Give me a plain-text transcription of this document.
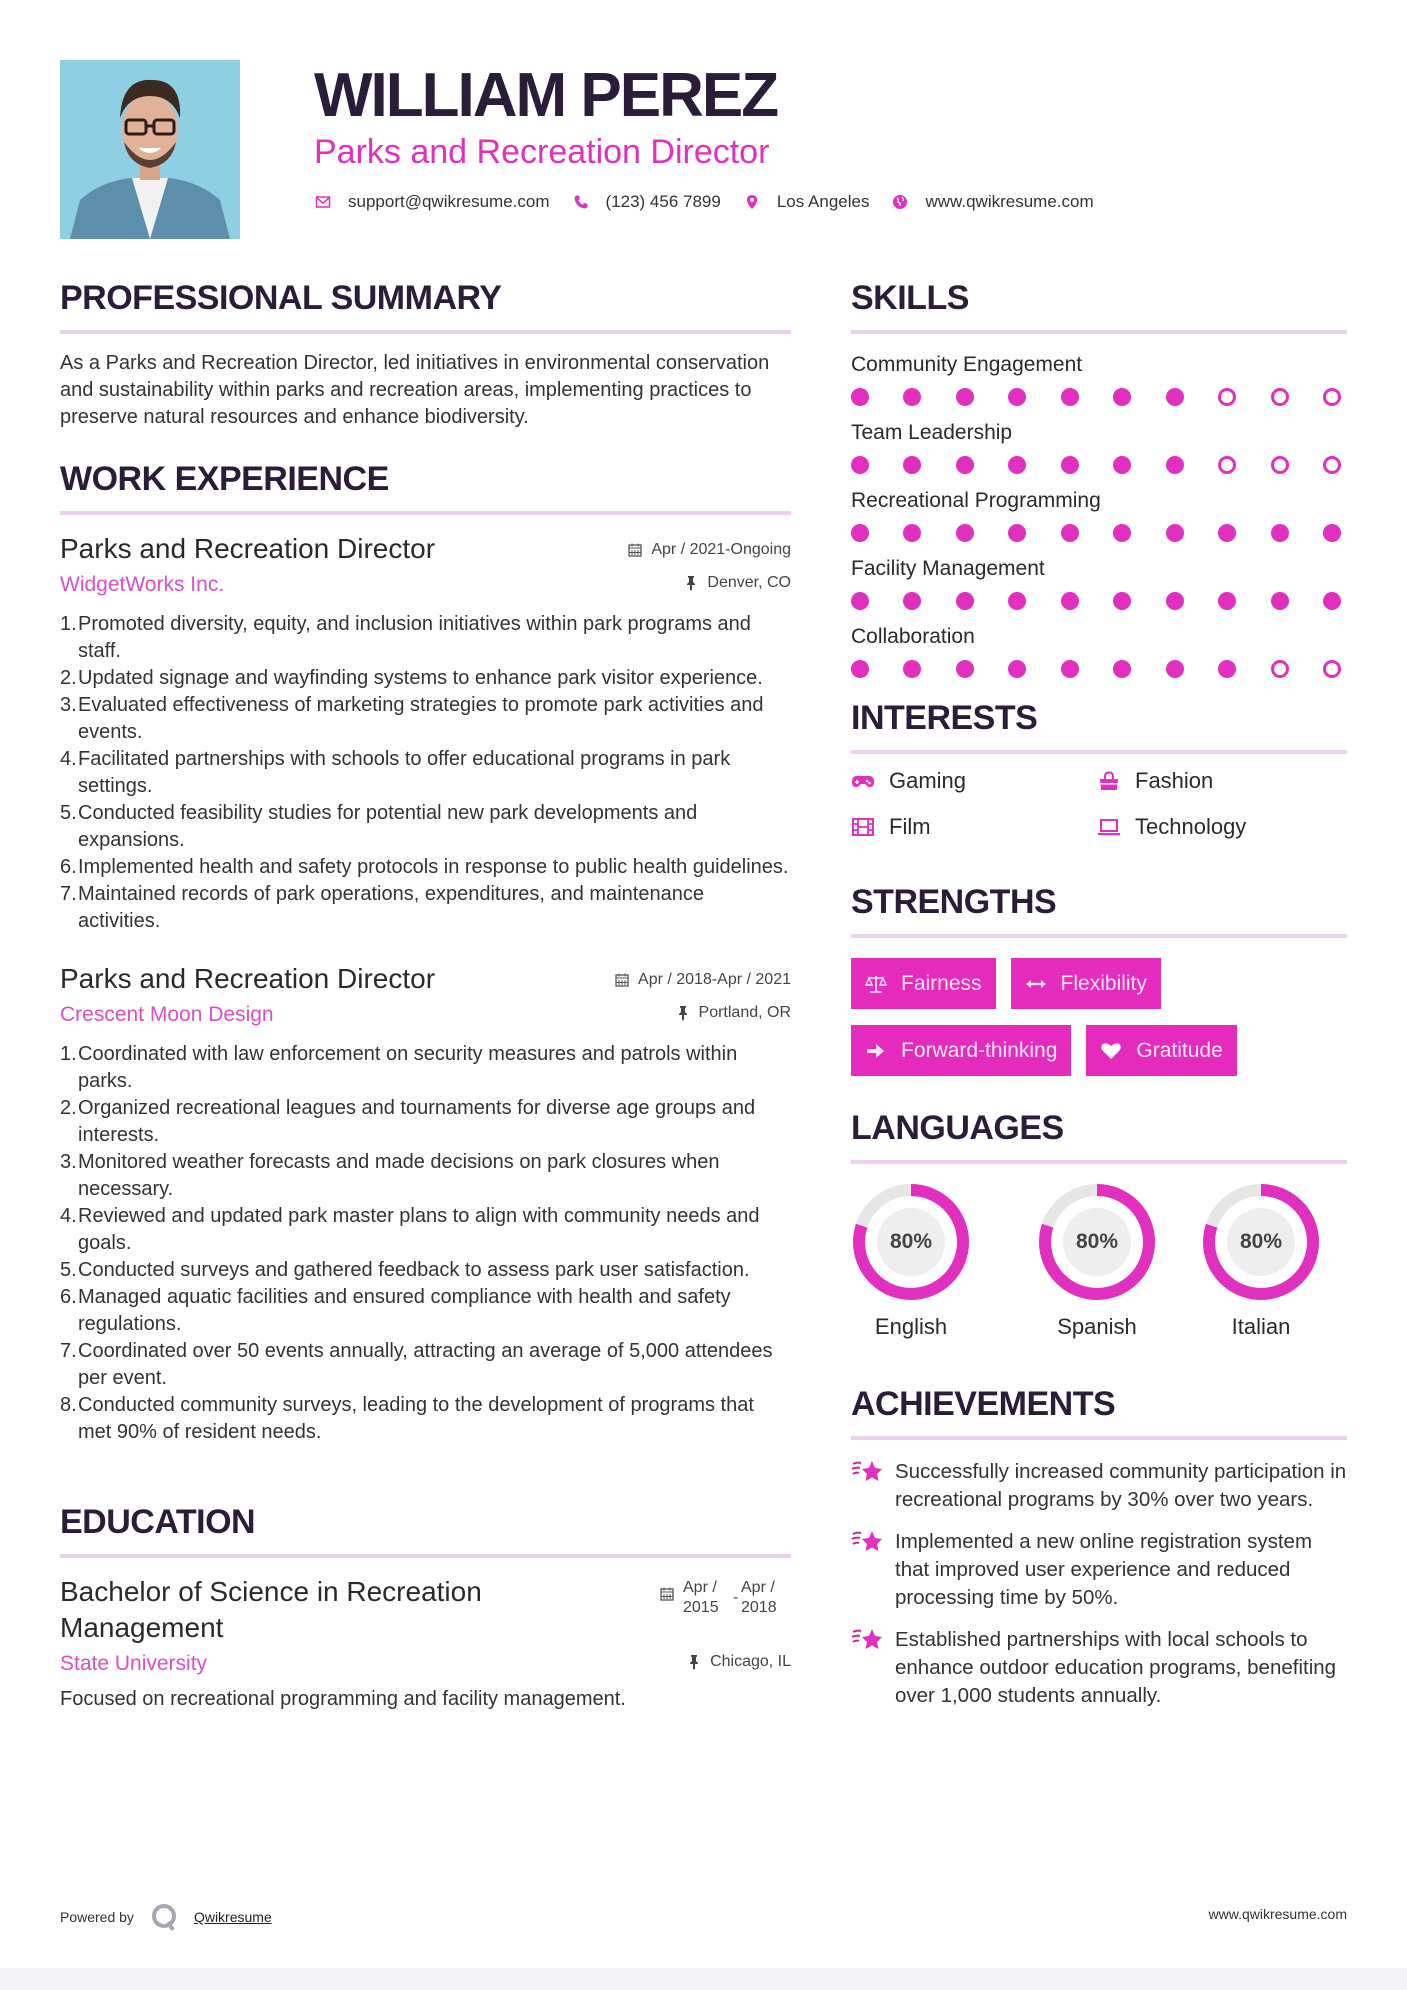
WILLIAM PEREZ
Parks and Recreation Director
support@qwikresume.com	(123) 456 7899	Los Angeles	www.qwikresume.com
PROFESSIONAL SUMMARY

As a Parks and Recreation Director, led initiatives in environmental conservation and sustainability within parks and recreation areas, implementing practices to preserve natural resources and enhance biodiversity.

WORK EXPERIENCE
Parks and Recreation Director	Apr / 2021-Ongoing
WidgetWorks Inc.	Denver, CO
1. Promoted diversity, equity, and inclusion initiatives within park programs and staff.
2. Updated signage and wayfinding systems to enhance park visitor experience.
3. Evaluated effectiveness of marketing strategies to promote park activities and events.
4. Facilitated partnerships with schools to offer educational programs in park settings.
5. Conducted feasibility studies for potential new park developments and expansions.
6. Implemented health and safety protocols in response to public health guidelines.
7. Maintained records of park operations, expenditures, and maintenance activities.
Parks and Recreation Director	Apr / 2018-Apr / 2021
Crescent Moon Design	Portland, OR
1. Coordinated with law enforcement on security measures and patrols within parks.
2. Organized recreational leagues and tournaments for diverse age groups and interests.
3. Monitored weather forecasts and made decisions on park closures when necessary.
4. Reviewed and updated park master plans to align with community needs and goals.
5. Conducted surveys and gathered feedback to assess park user satisfaction.
6. Managed aquatic facilities and ensured compliance with health and safety regulations.
7. Coordinated over 50 events annually, attracting an average of 5,000 attendees per event.
8. Conducted community surveys, leading to the development of programs that met 90% of resident needs.
EDUCATION
Bachelor of Science in Recreation Management
Apr / 2015
-
Apr / 2018
State University	Chicago, IL

Focused on recreational programming and facility management.

SKILLS
Community Engagement
Team Leadership
Recreational Programming
Facility Management
Collaboration
INTERESTS
Gaming	Fashion
Film	Technology
STRENGTHS
Fairness	Flexibility
Forward-thinking	Gratitude
LANGUAGES
80%
English
80%
Spanish
80%
Italian
ACHIEVEMENTS
Successfully increased community participation in recreational programs by 30% over two years.
Implemented a new online registration system that improved user experience and reduced processing time by 50%.
Established partnerships with local schools to enhance outdoor education programs, benefiting over 1,000 students annually.
Powered by	Qwikresume	www.qwikresume.com
